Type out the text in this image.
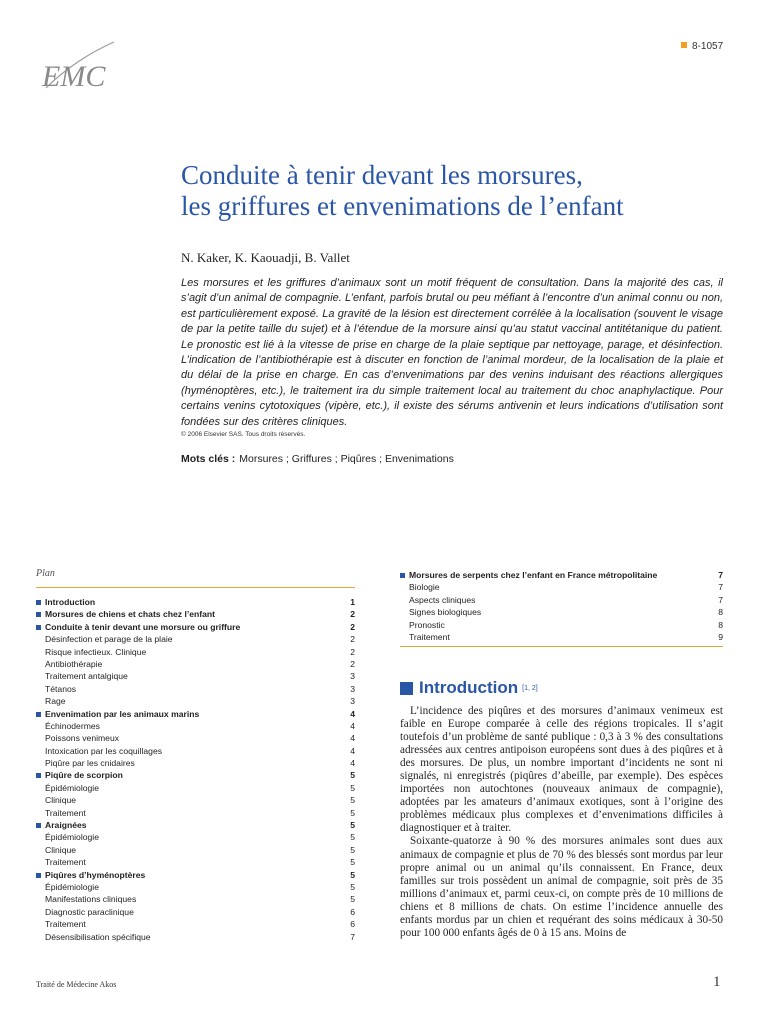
EMC
8-1057
Conduite à tenir devant les morsures,
les griffures et envenimations de l’enfant
N. Kaker, K. Kaouadji, B. Vallet

Les morsures et les griffures d’animaux sont un motif fréquent de consultation. Dans la majorité des cas, il s’agit d’un animal de compagnie. L’enfant, parfois brutal ou peu méfiant à l’encontre d’un animal connu ou non, est particulièrement exposé. La gravité de la lésion est directement corrélée à la localisation (souvent le visage de par la petite taille du sujet) et à l’étendue de la morsure ainsi qu’au statut vaccinal antitétanique du patient. Le pronostic est lié à la vitesse de prise en charge de la plaie septique par nettoyage, parage, et désinfection. L’indication de l’antibiothérapie est à discuter en fonction de l’animal mordeur, de la localisation de la plaie et du délai de la prise en charge. En cas d’envenimations par des venins induisant des réactions allergiques (hyménoptères, etc.), le traitement ira du simple traitement local au traitement du choc anaphylactique. Pour certains venins cytotoxiques (vipère, etc.), il existe des sérums antivenin et leurs indications d’utilisation sont fondées sur des critères cliniques.

© 2006 Elsevier SAS. Tous droits réservés.
Mots clés : Morsures ; Griffures ; Piqûres ; Envenimations
Plan
Introduction	1
Morsures de chiens et chats chez l’enfant	2
Conduite à tenir devant une morsure ou griffure	2
Désinfection et parage de la plaie	2
Risque infectieux. Clinique	2
Antibiothérapie	2
Traitement antalgique	3
Tétanos	3
Rage	3
Envenimation par les animaux marins	4
Échinodermes	4
Poissons venimeux	4
Intoxication par les coquillages	4
Piqûre par les cnidaires	4
Piqûre de scorpion	5
Épidémiologie	5
Clinique	5
Traitement	5
Araignées	5
Épidémiologie	5
Clinique	5
Traitement	5
Piqûres d’hyménoptères	5
Épidémiologie	5
Manifestations cliniques	5
Diagnostic paraclinique	6
Traitement	6
Désensibilisation spécifique	7
Morsures de serpents chez l’enfant en France métropolitaine	7
Biologie	7
Aspects cliniques	7
Signes biologiques	8
Pronostic	8
Traitement	9
Introduction [1, 2]

L’incidence des piqûres et des morsures d’animaux venimeux est faible en Europe comparée à celle des régions tropicales. Il s’agit toutefois d’un problème de santé publique : 0,3 à 3 % des consultations adressées aux centres antipoison européens sont dues à des piqûres et à des morsures. De plus, un nombre important d’incidents ne sont ni signalés, ni enregistrés (piqûres d’abeille, par exemple). Des espèces importées non autochtones (nouveaux animaux de compagnie), adoptées par les amateurs d’animaux exotiques, sont à l’origine des problèmes médicaux plus complexes et d’envenimations difficiles à diagnostiquer et à traiter.

Soixante-quatorze à 90 % des morsures animales sont dues aux animaux de compagnie et plus de 70 % des blessés sont mordus par leur propre animal ou un animal qu’ils connaissent. En France, deux familles sur trois possèdent un animal de compagnie, soit près de 35 millions d’animaux et, parmi ceux-ci, on compte près de 10 millions de chiens et 8 millions de chats. On estime l’incidence annuelle des enfants mordus par un chien et requérant des soins médicaux à 30-50 pour 100 000 enfants âgés de 0 à 15 ans. Moins de

Traité de Médecine Akos	1
